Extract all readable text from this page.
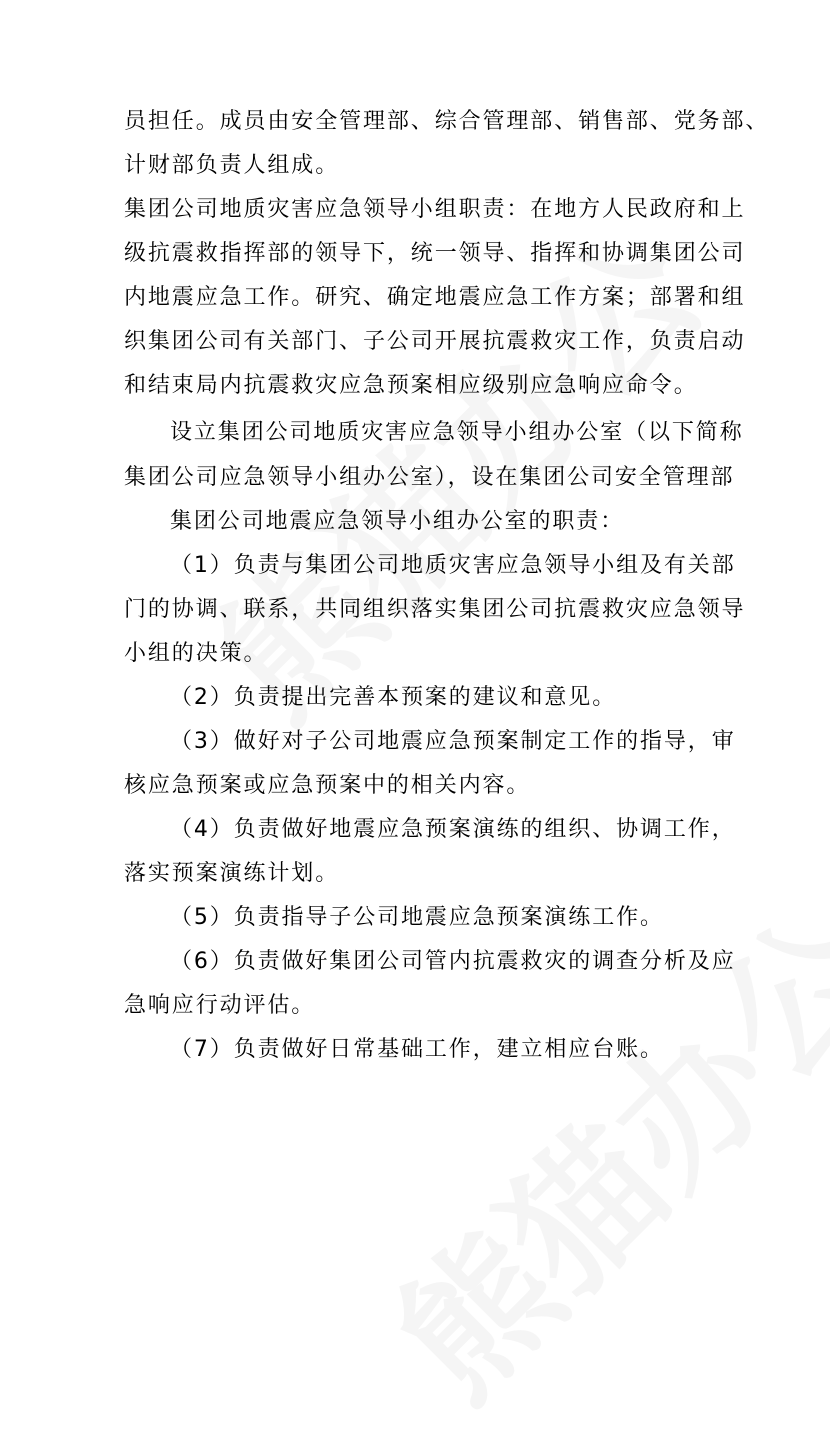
员担任。成员由安全管理部、综合管理部、销售部、党务部、
计财部负责人组成。
集团公司地质灾害应急领导小组职责：在地方人民政府和上
级抗震救指挥部的领导下，统一领导、指挥和协调集团公司
内地震应急工作。研究、确定地震应急工作方案；部署和组
织集团公司有关部门、子公司开展抗震救灾工作，负责启动
和结束局内抗震救灾应急预案相应级别应急响应命令。
设立集团公司地质灾害应急领导小组办公室（以下简称
集团公司应急领导小组办公室），设在集团公司安全管理部
集团公司地震应急领导小组办公室的职责：
（1）负责与集团公司地质灾害应急领导小组及有关部
门的协调、联系，共同组织落实集团公司抗震救灾应急领导
小组的决策。
（2）负责提出完善本预案的建议和意见。
（3）做好对子公司地震应急预案制定工作的指导，审
核应急预案或应急预案中的相关内容。
（4）负责做好地震应急预案演练的组织、协调工作，
落实预案演练计划。
（5）负责指导子公司地震应急预案演练工作。
（6）负责做好集团公司管内抗震救灾的调查分析及应
急响应行动评估。
（7）负责做好日常基础工作，建立相应台账。
